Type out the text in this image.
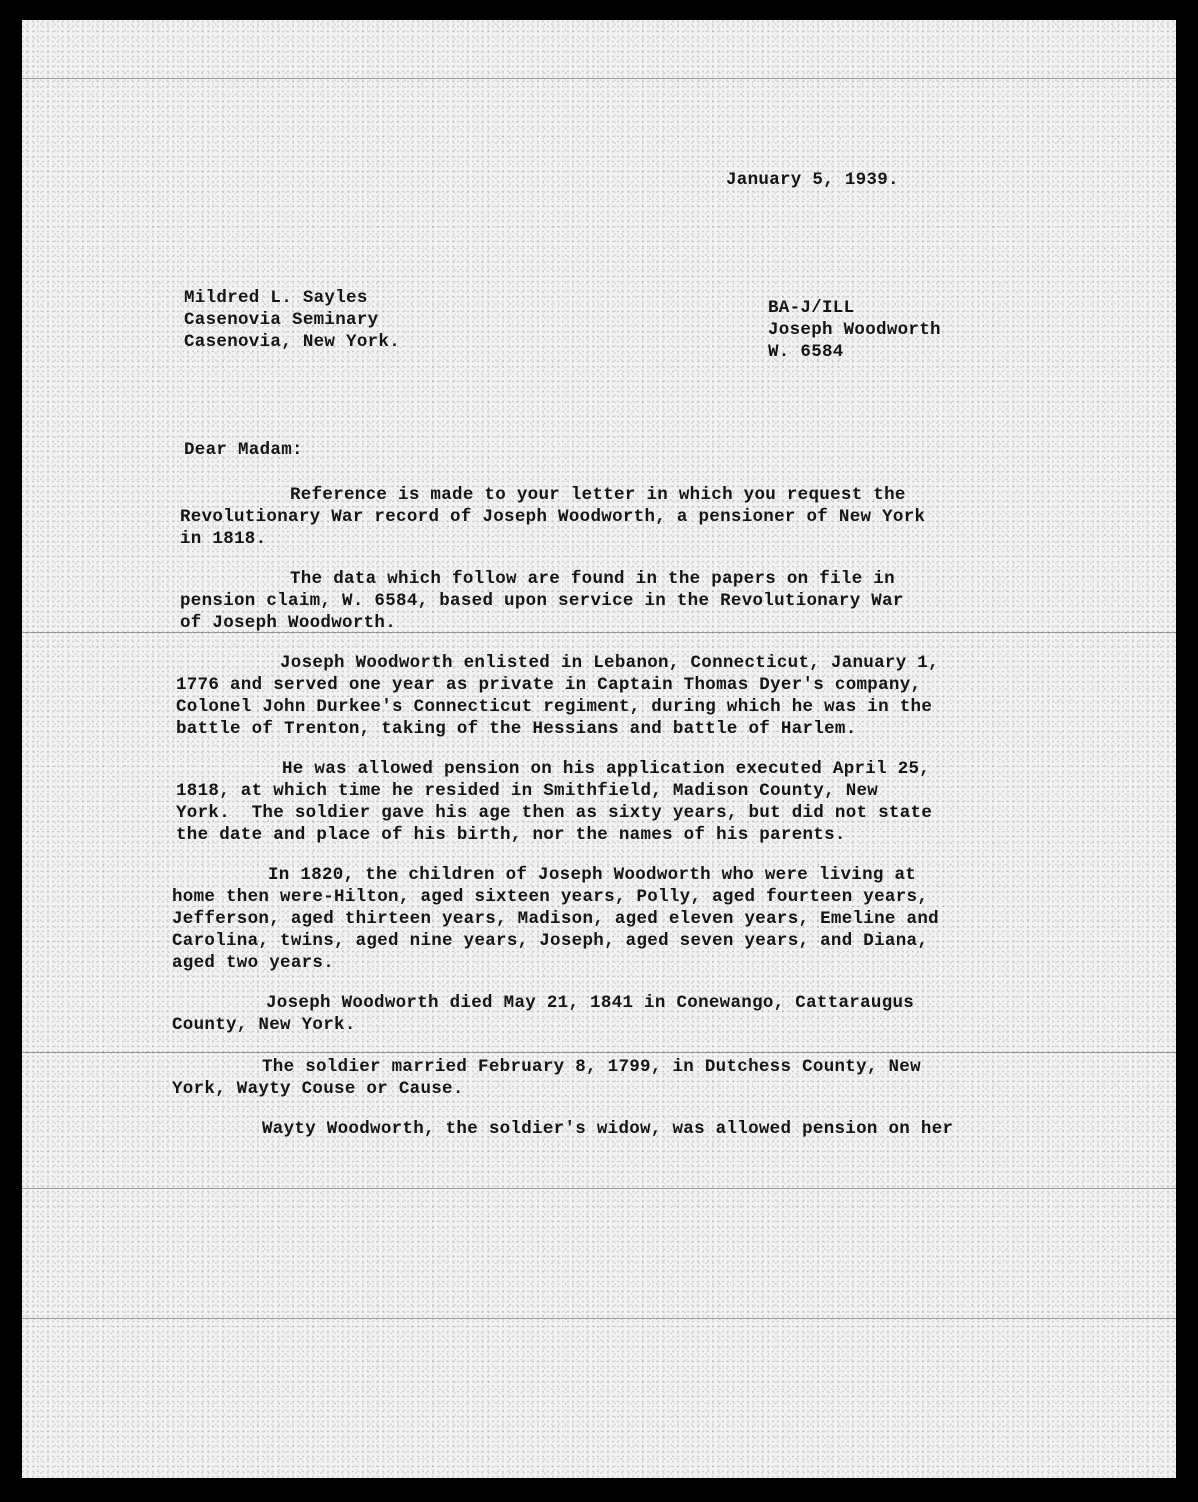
January 5, 1939.

Mildred L. Sayles

Casenovia Seminary

Casenovia, New York.

BA-J/ILL

Joseph Woodworth

W. 6584

Dear Madam:

Reference is made to your letter in which you request the

Revolutionary War record of Joseph Woodworth, a pensioner of New York

in 1818.

The data which follow are found in the papers on file in

pension claim, W. 6584, based upon service in the Revolutionary War

of Joseph Woodworth.

Joseph Woodworth enlisted in Lebanon, Connecticut, January 1,

1776 and served one year as private in Captain Thomas Dyer's company,

Colonel John Durkee's Connecticut regiment, during which he was in the

battle of Trenton, taking of the Hessians and battle of Harlem.

He was allowed pension on his application executed April 25,

1818, at which time he resided in Smithfield, Madison County, New

York.  The soldier gave his age then as sixty years, but did not state

the date and place of his birth, nor the names of his parents.

In 1820, the children of Joseph Woodworth who were living at

home then were-Hilton, aged sixteen years, Polly, aged fourteen years,

Jefferson, aged thirteen years, Madison, aged eleven years, Emeline and

Carolina, twins, aged nine years, Joseph, aged seven years, and Diana,

aged two years.

Joseph Woodworth died May 21, 1841 in Conewango, Cattaraugus

County, New York.

The soldier married February 8, 1799, in Dutchess County, New

York, Wayty Couse or Cause.

Wayty Woodworth, the soldier's widow, was allowed pension on her
